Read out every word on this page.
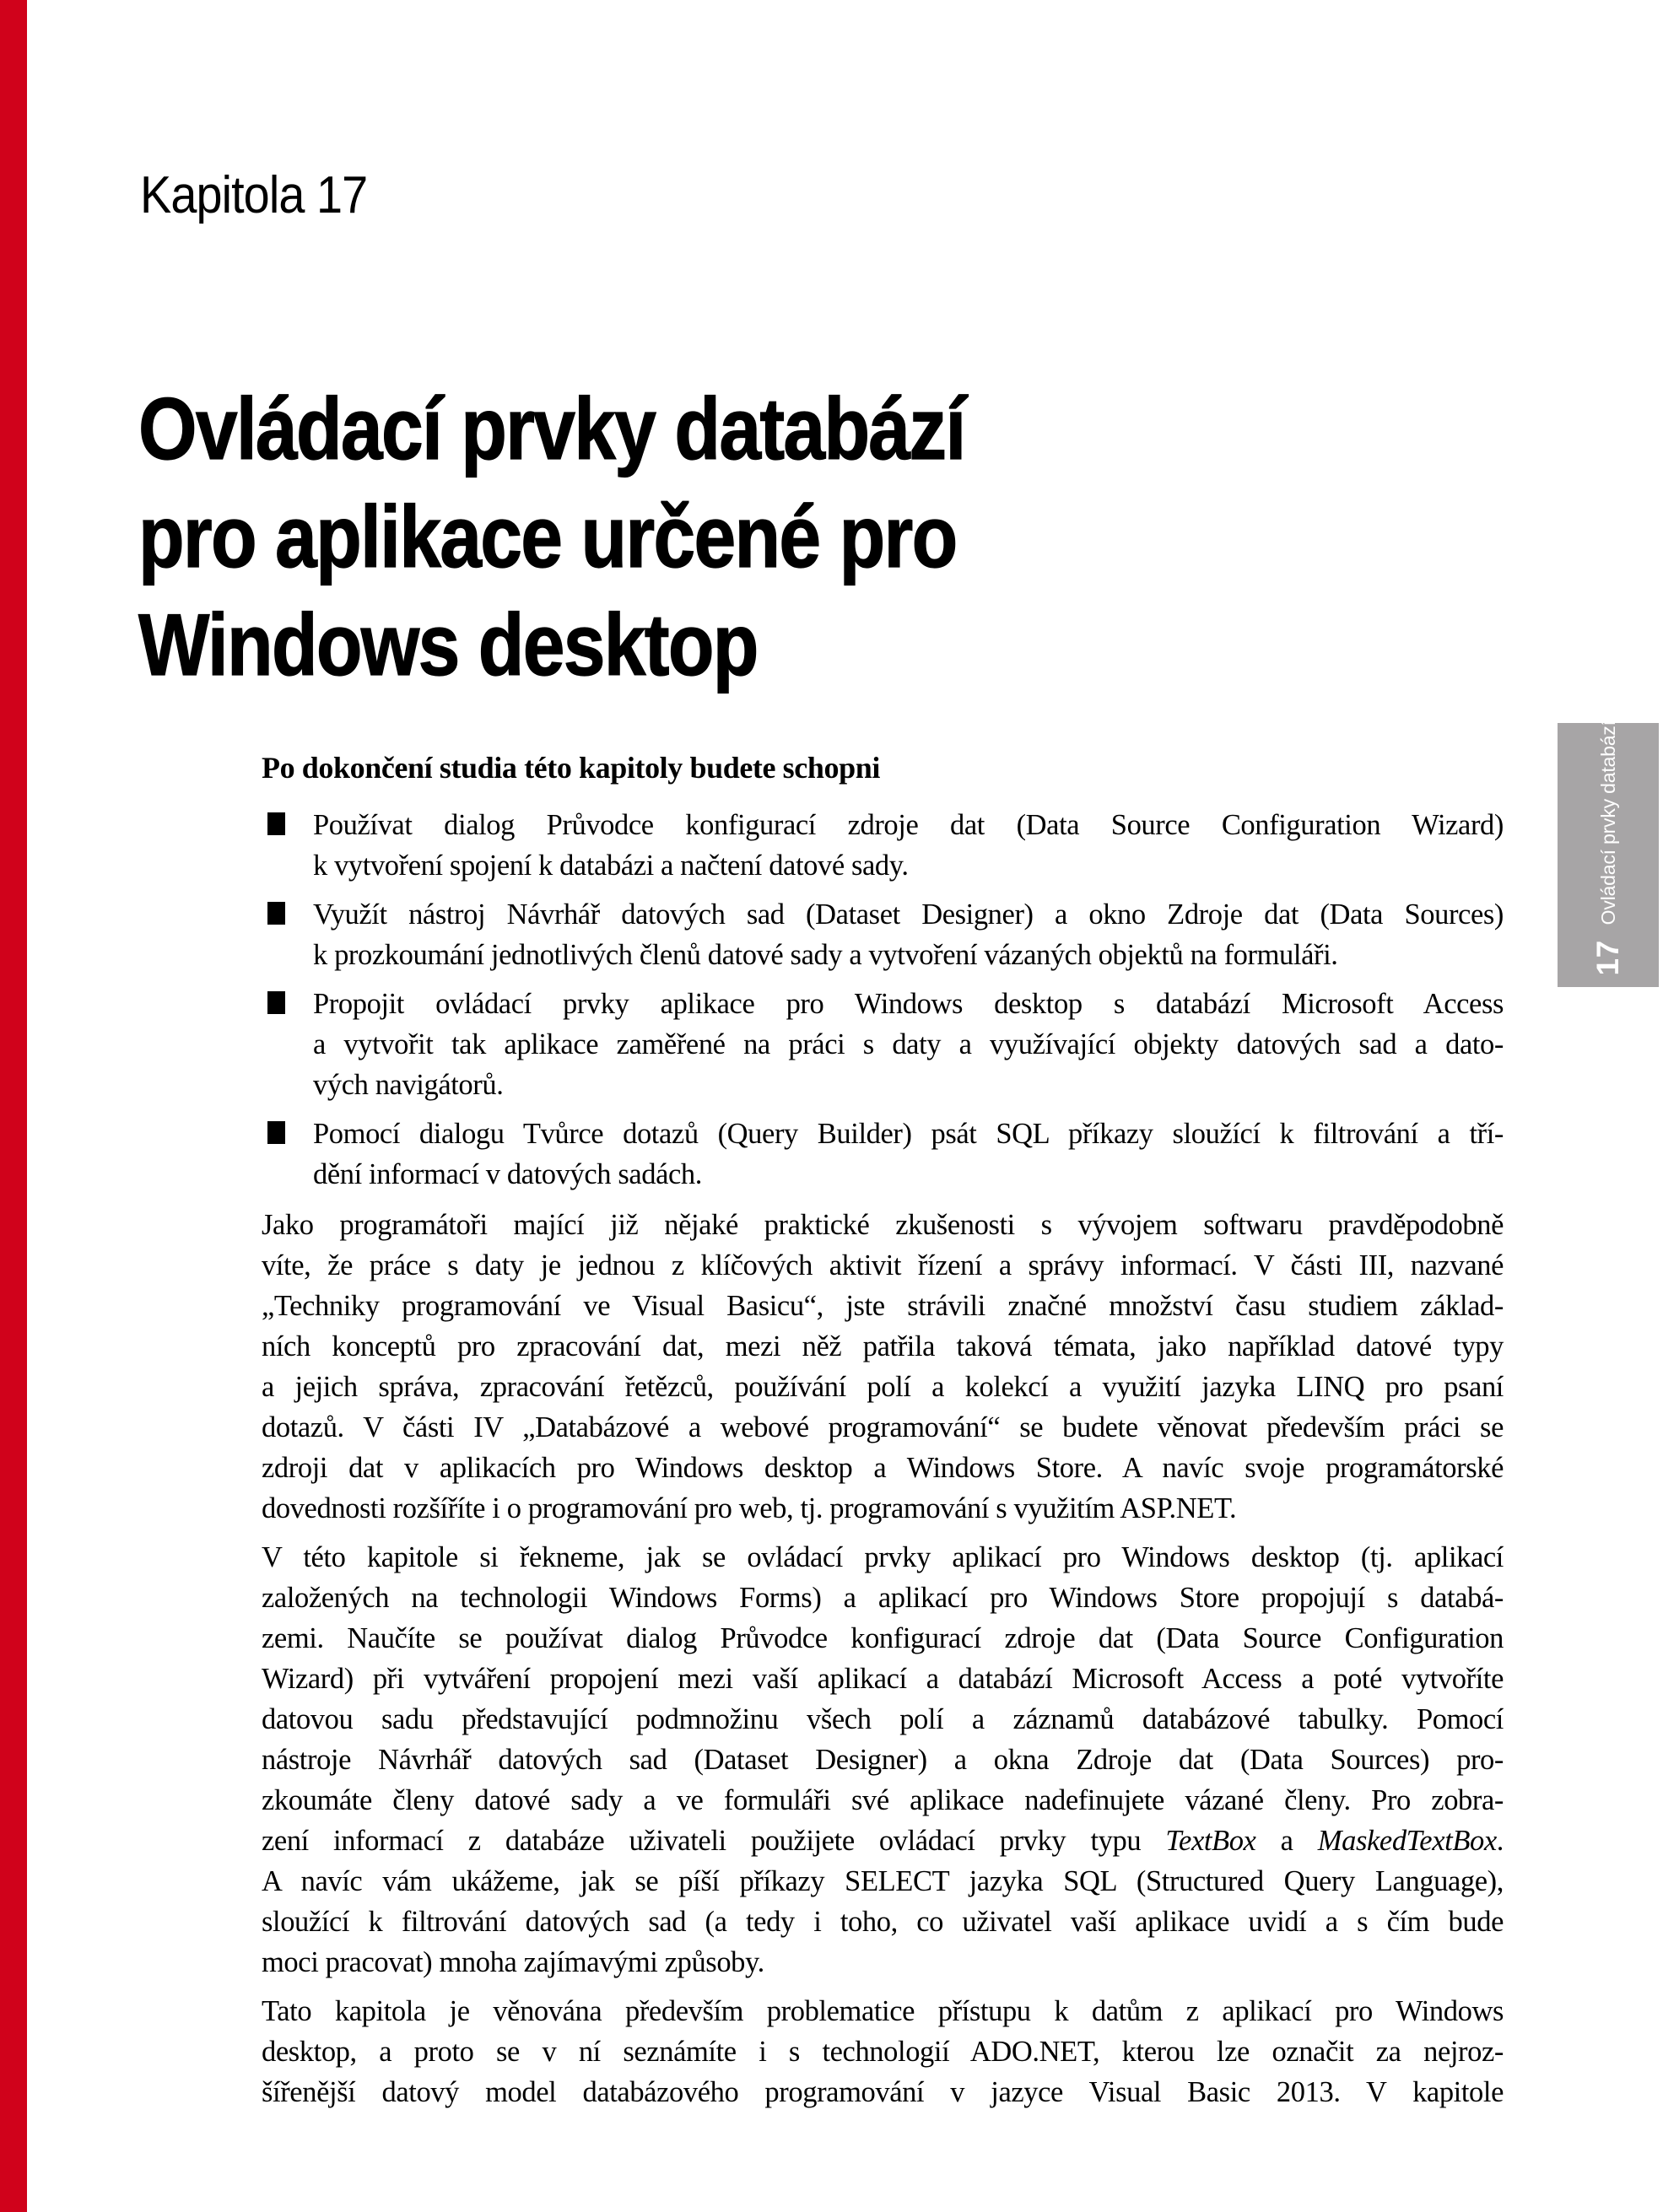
17
Ovládací prvky databází
Kapitola 17
Ovládací prvky databází
pro aplikace určené pro
Windows desktop

Po dokončení studia této kapitoly budete schopni

Používat dialog Průvodce konfigurací zdroje dat (Data Source Configuration Wizard)
k vytvoření spojení k databázi a načtení datové sady.
Využít nástroj Návrhář datových sad (Dataset Designer) a okno Zdroje dat (Data Sources)
k prozkoumání jednotlivých členů datové sady a vytvoření vázaných objektů na formuláři.
Propojit ovládací prvky aplikace pro Windows desktop s databází Microsoft Access
a vytvořit tak aplikace zaměřené na práci s daty a využívající objekty datových sad a dato-
vých navigátorů.
Pomocí dialogu Tvůrce dotazů (Query Builder) psát SQL příkazy sloužící k filtrování a tří-
dění informací v datových sadách.

Jako programátoři mající již nějaké praktické zkušenosti s vývojem softwaru pravděpodobně
víte, že práce s daty je jednou z klíčových aktivit řízení a správy informací. V části III, nazvané
„Techniky programování ve Visual Basicu“, jste strávili značné množství času studiem základ-
ních konceptů pro zpracování dat, mezi něž patřila taková témata, jako například datové typy
a jejich správa, zpracování řetězců, používání polí a kolekcí a využití jazyka LINQ pro psaní
dotazů. V části IV „Databázové a webové programování“ se budete věnovat především práci se
zdroji dat v aplikacích pro Windows desktop a Windows Store. A navíc svoje programátorské
dovednosti rozšíříte i o programování pro web, tj. programování s využitím ASP.NET.

V této kapitole si řekneme, jak se ovládací prvky aplikací pro Windows desktop (tj. aplikací
založených na technologii Windows Forms) a aplikací pro Windows Store propojují s databá-
zemi. Naučíte se používat dialog Průvodce konfigurací zdroje dat (Data Source Configuration
Wizard) při vytváření propojení mezi vaší aplikací a databází Microsoft Access a poté vytvoříte
datovou sadu představující podmnožinu všech polí a záznamů databázové tabulky. Pomocí
nástroje Návrhář datových sad (Dataset Designer) a okna Zdroje dat (Data Sources) pro-
zkoumáte členy datové sady a ve formuláři své aplikace nadefinujete vázané členy. Pro zobra-
zení informací z databáze uživateli použijete ovládací prvky typu TextBox a MaskedTextBox.
A navíc vám ukážeme, jak se píší příkazy SELECT jazyka SQL (Structured Query Language),
sloužící k filtrování datových sad (a tedy i toho, co uživatel vaší aplikace uvidí a s čím bude
moci pracovat) mnoha zajímavými způsoby.

Tato kapitola je věnována především problematice přístupu k datům z aplikací pro Windows
desktop, a proto se v ní seznámíte i s technologií ADO.NET, kterou lze označit za nejroz-
šířenější datový model databázového programování v jazyce Visual Basic 2013. V kapitole
